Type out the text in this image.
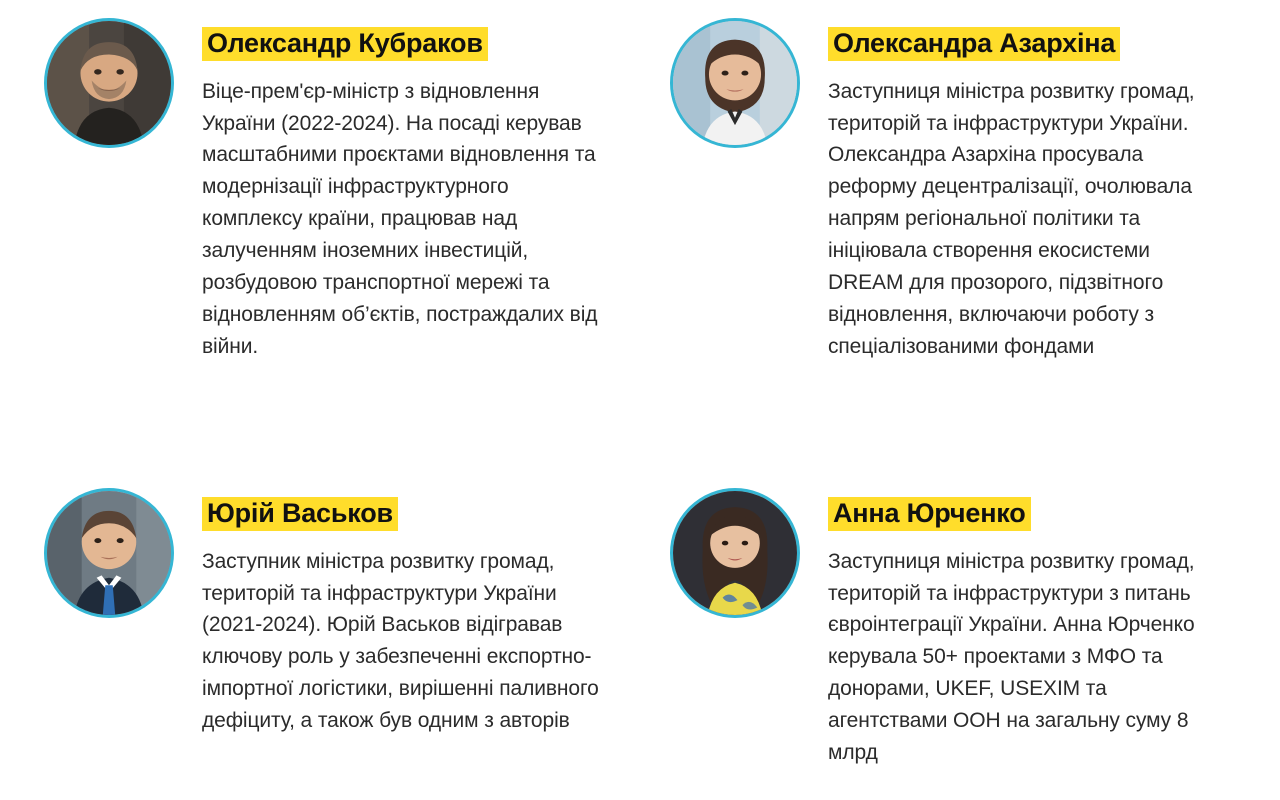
Олександр Кубраков

Віце-прем'єр-міністр з відновлення України (2022-2024). На посаді керував масштабними проєктами відновлення та модернізації інфраструктурного комплексу країни, працював над залученням іноземних інвестицій, розбудовою транспортної мережі та відновленням об’єктів, постраждалих від війни.

Олександра Азархіна

Заступниця міністра розвитку громад, територій та інфраструктури України. Олександра Азархіна просувала реформу децентралізації, очолювала напрям регіональної політики та ініціювала створення екосистеми DREAM для прозорого, підзвітного відновлення, включаючи роботу з спеціалізованими фондами

Юрій Васьков

Заступник міністра розвитку громад, територій та інфраструктури України (2021-2024). Юрій Васьков відігравав ключову роль у забезпеченні експортно-імпортної логістики, вирішенні паливного дефіциту, а також був одним з авторів

Анна Юрченко

Заступниця міністра розвитку громад, територій та інфраструктури з питань євроінтеграції України. Анна Юрченко керувала 50+ проектами з МФО та донорами, UKEF, USEXIM та агентствами ООН на загальну суму 8 млрд
